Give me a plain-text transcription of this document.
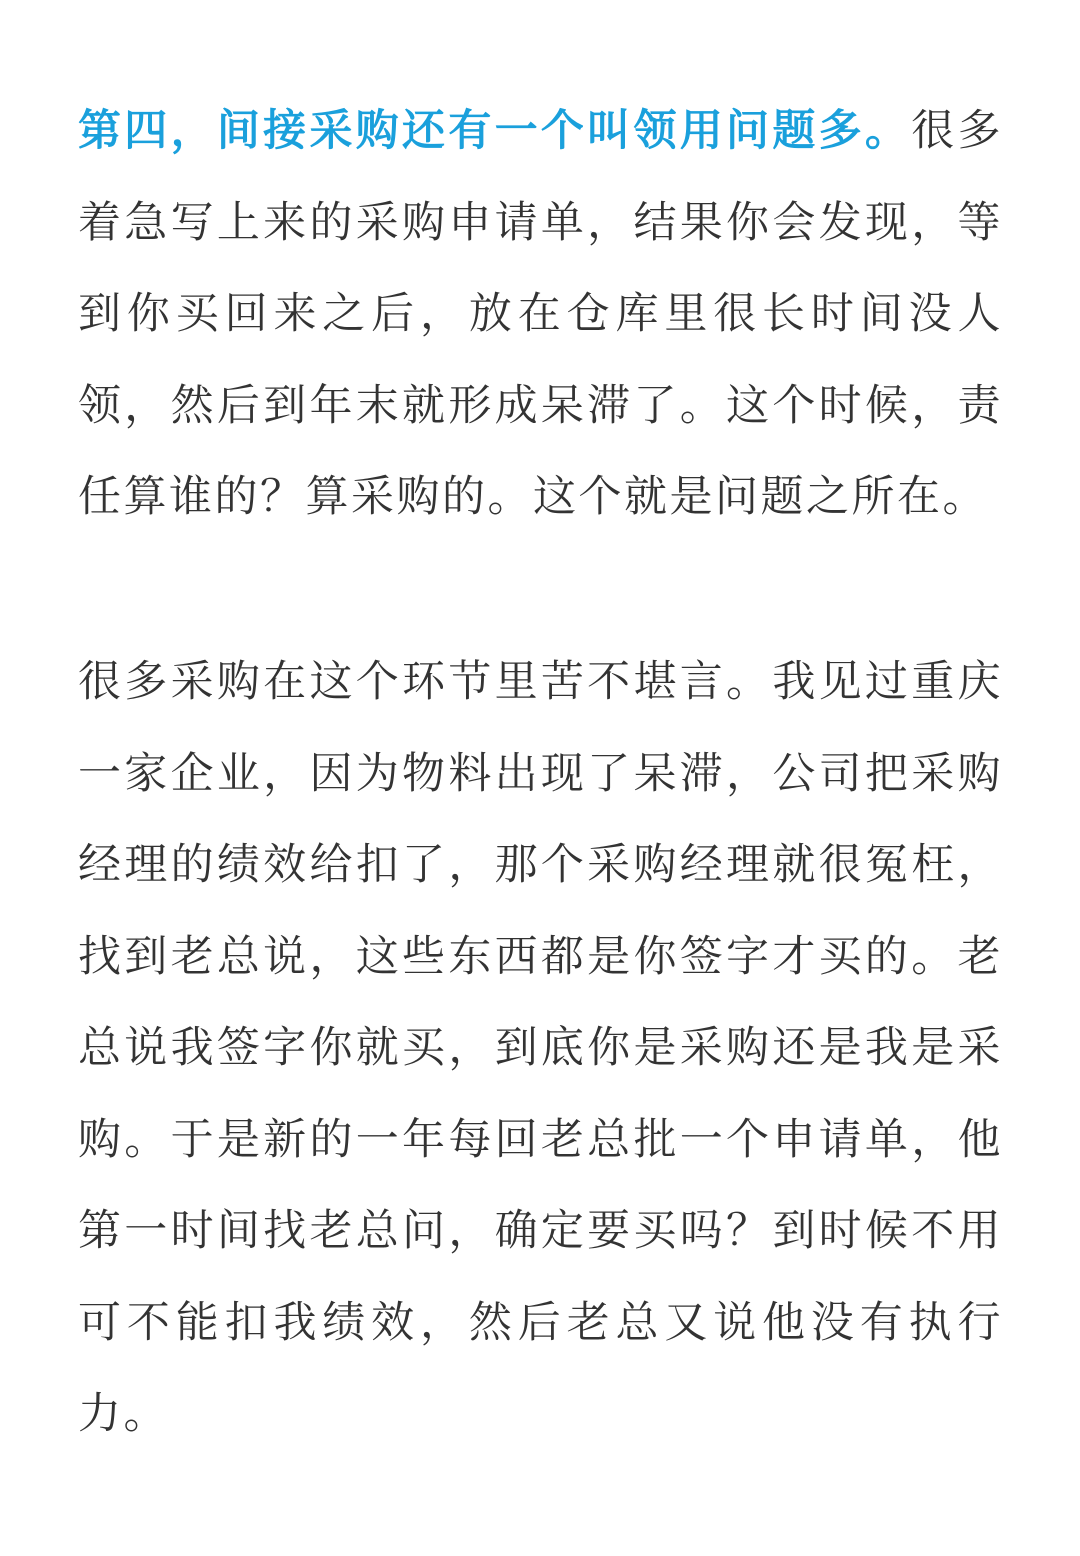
第四，间接采购还有一个叫领用问题多。很多着急写上来的采购申请单，结果你会发现，等到你买回来之后，放在仓库里很长时间没人领，然后到年末就形成呆滞了。这个时候，责任算谁的？算采购的。这个就是问题之所在。

很多采购在这个环节里苦不堪言。我见过重庆一家企业，因为物料出现了呆滞，公司把采购经理的绩效给扣了，那个采购经理就很冤枉，找到老总说，这些东西都是你签字才买的。老总说我签字你就买，到底你是采购还是我是采购。于是新的一年每回老总批一个申请单，他第一时间找老总问，确定要买吗？到时候不用可不能扣我绩效，然后老总又说他没有执行力。
